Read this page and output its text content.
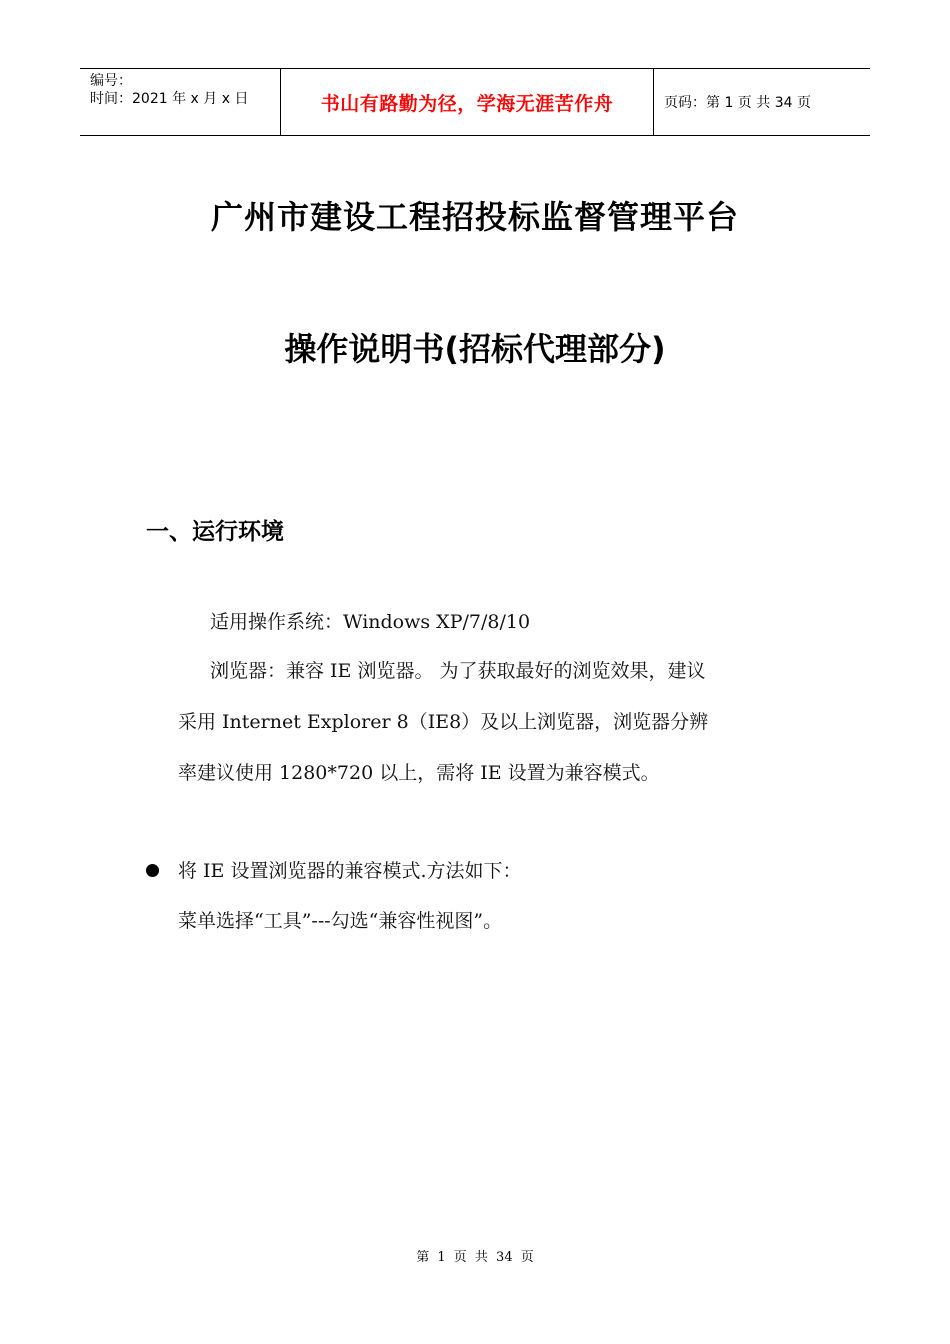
编号：
时间：2021 年 x 月 x 日	书山有路勤为径，学海无涯苦作舟	页码：第 1 页 共 34 页
广州市建设工程招投标监督管理平台
操作说明书(招标代理部分)
一、运行环境
适用操作系统：Windows XP/7/8/10
浏览器：兼容 IE 浏览器。 为了获取最好的浏览效果，建议
采用 Internet Explorer 8（IE8）及以上浏览器，浏览器分辨
率建议使用 1280*720 以上，需将 IE 设置为兼容模式。
将 IE 设置浏览器的兼容模式.方法如下：
菜单选择“工具”---勾选“兼容性视图”。
第 1 页 共 34 页
